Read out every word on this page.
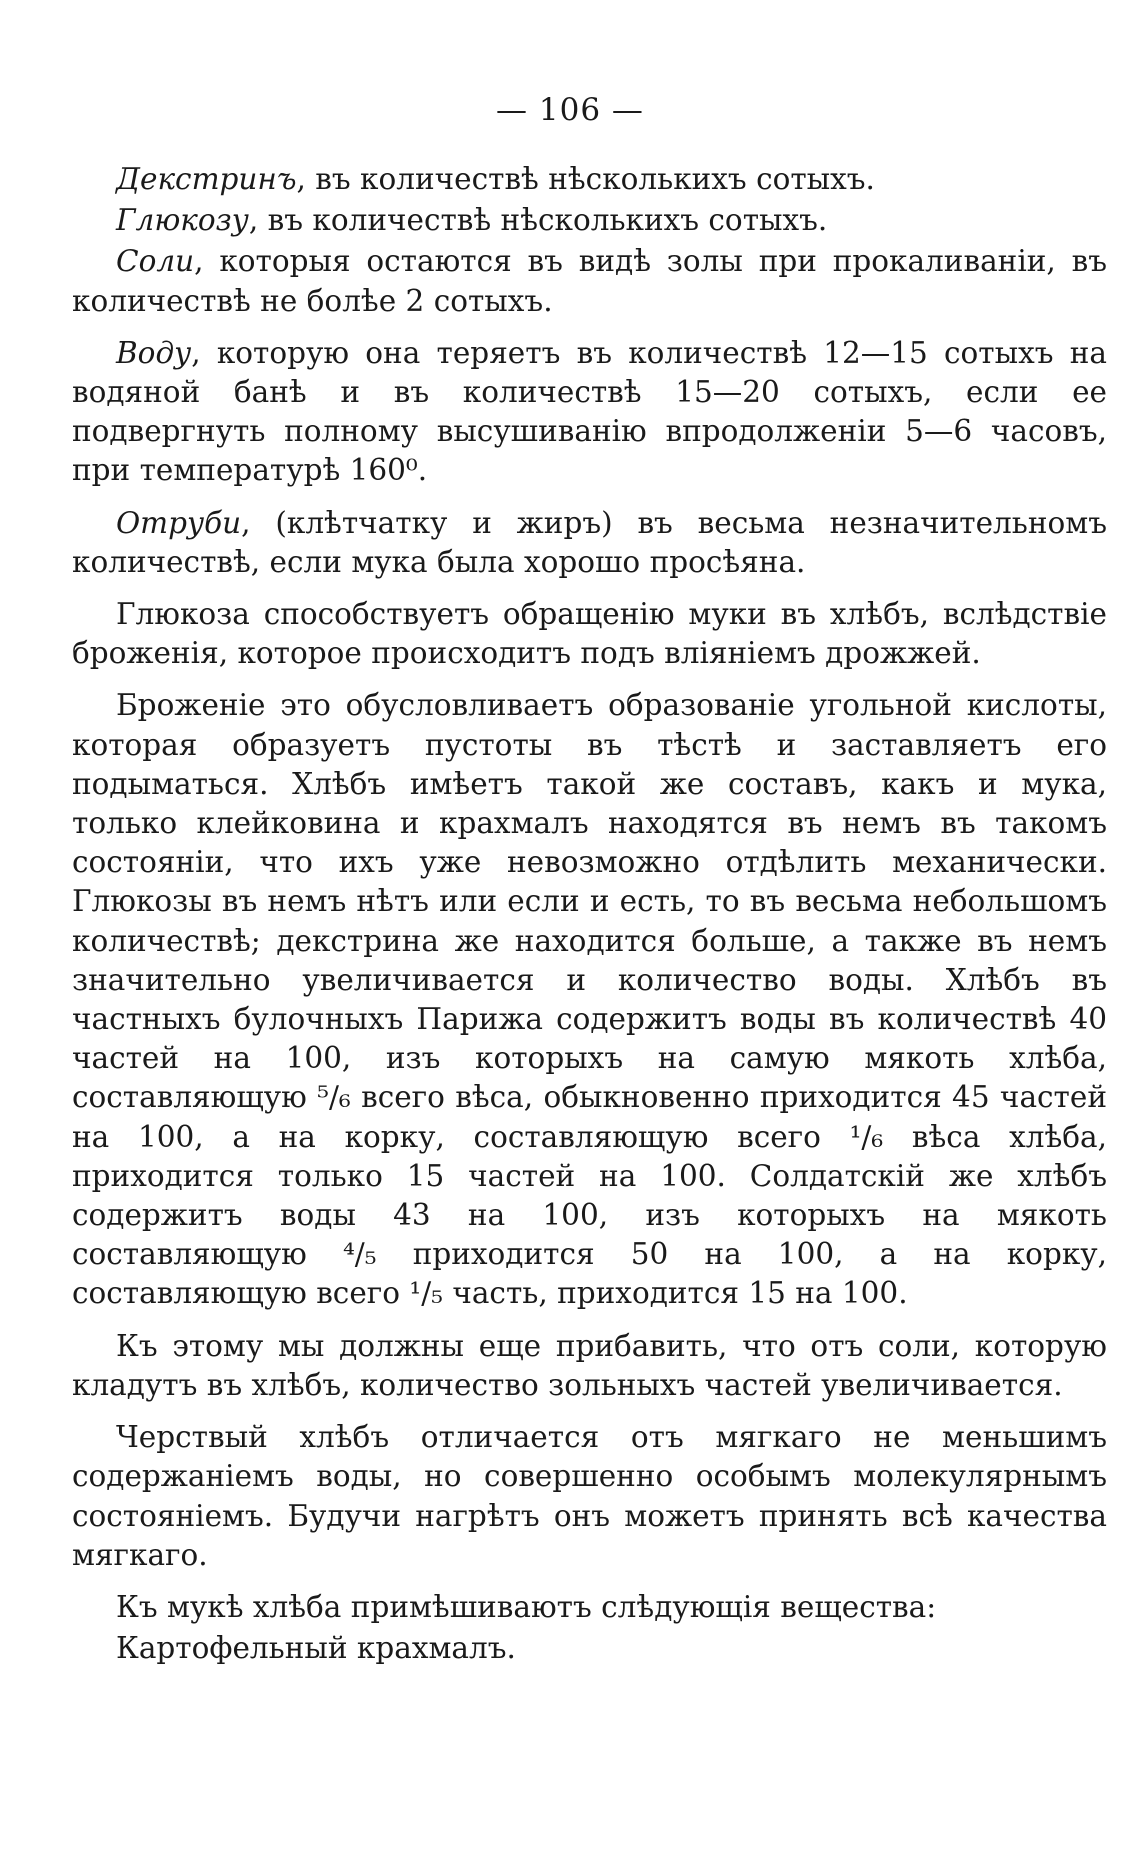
— 106 —

Декстринъ, въ количествѣ нѣсколькихъ сотыхъ.

Глюкозу, въ количествѣ нѣсколькихъ сотыхъ.

Соли, которыя остаются въ видѣ золы при прокаливаніи, въ количествѣ не болѣе 2 сотыхъ.

Воду, которую она теряетъ въ количествѣ 12—15 сотыхъ на водяной банѣ и въ количествѣ 15—20 сотыхъ, если ее подвергнуть полному высушиванію впродолженіи 5—6 часовъ, при температурѣ 160⁰.

Отруби, (клѣтчатку и жиръ) въ весьма незначительномъ количествѣ, если мука была хорошо просѣяна.

Глюкоза способствуетъ обращенію муки въ хлѣбъ, вслѣдствіе броженія, которое происходитъ подъ вліяніемъ дрожжей.

Броженіе это обусловливаетъ образованіе угольной кислоты, которая образуетъ пустоты въ тѣстѣ и заставляетъ его подыматься. Хлѣбъ имѣетъ такой же составъ, какъ и мука, только клейковина и крахмалъ находятся въ немъ въ такомъ состояніи, что ихъ уже невозможно отдѣлить механически. Глюкозы въ немъ нѣтъ или если и есть, то въ весьма небольшомъ количествѣ; декстрина же находится больше, а также въ немъ значительно увеличивается и количество воды. Хлѣбъ въ частныхъ булочныхъ Парижа содержитъ воды въ количествѣ 40 частей на 100, изъ которыхъ на самую мякоть хлѣба, составляющую ⁵/₆ всего вѣса, обыкновенно приходится 45 частей на 100, а на корку, составляющую всего ¹/₆ вѣса хлѣба, приходится только 15 частей на 100. Солдатскій же хлѣбъ содержитъ воды 43 на 100, изъ которыхъ на мякоть составляющую ⁴/₅ приходится 50 на 100, а на корку, составляющую всего ¹/₅ часть, приходится 15 на 100.

Къ этому мы должны еще прибавить, что отъ соли, которую кладутъ въ хлѣбъ, количество зольныхъ частей увеличивается.

Черствый хлѣбъ отличается отъ мягкаго не меньшимъ содержаніемъ воды, но совершенно особымъ молекулярнымъ состояніемъ. Будучи нагрѣтъ онъ можетъ принять всѣ качества мягкаго.

Къ мукѣ хлѣба примѣшиваютъ слѣдующія вещества:

Картофельный крахмалъ.
